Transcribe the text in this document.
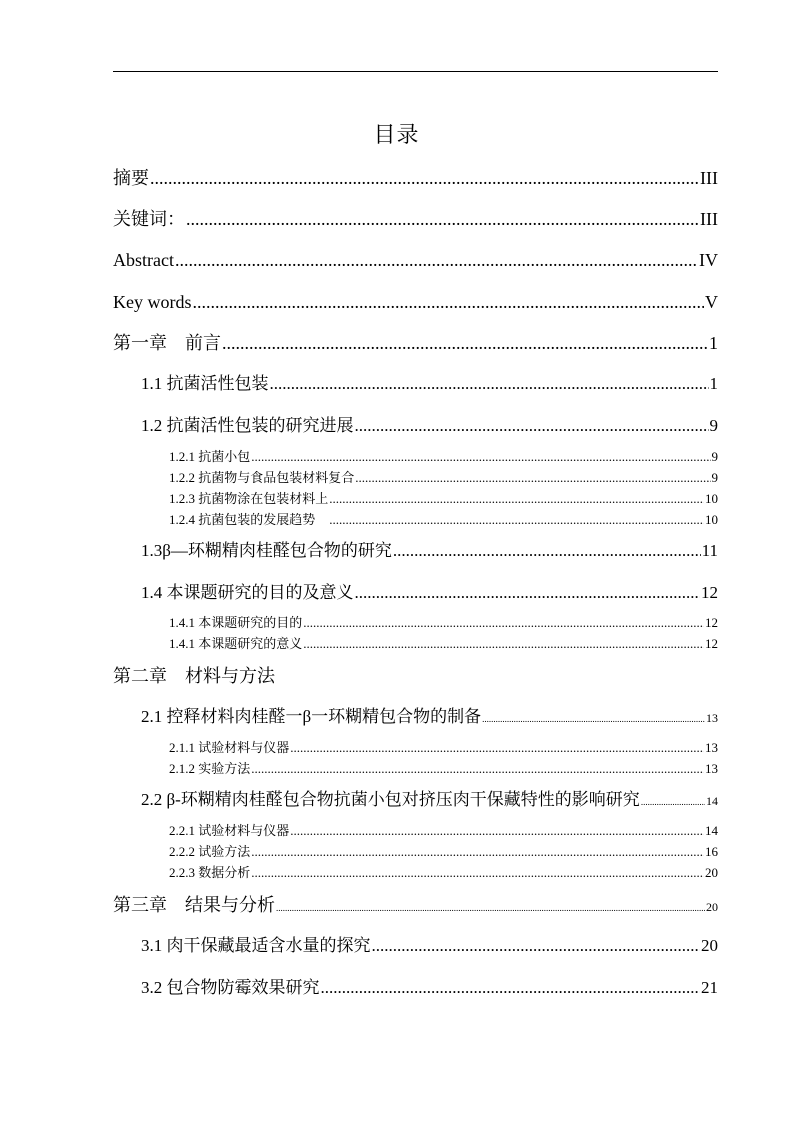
目录
摘要 .....	III
关键词： .....	III
Abstract .....	IV
Key words .....	V
第一章　前言 .....	1
1.1 抗菌活性包装 .....	1
1.2 抗菌活性包装的研究进展 .....	9
1.2.1 抗菌小包 .....	9
1.2.2 抗菌物与食品包装材料复合 .....	9
1.2.3 抗菌物涂在包装材料上 .....	10
1.2.4 抗菌包装的发展趋势　 .....	10
1.3β—环糊精肉桂醛包合物的研究 .....	11
1.4 本课题研究的目的及意义 .....	12
1.4.1 本课题研究的目的 .....	12
1.4.1 本课题研究的意义 .....	12
第二章　材料与方法
2.1 控释材料肉桂醛一β一环糊精包合物的制备 .....	13
2.1.1 试验材料与仪器 .....	13
2.1.2 实验方法 .....	13
2.2 β-环糊精肉桂醛包合物抗菌小包对挤压肉干保藏特性的影响研究 .....	14
2.2.1 试验材料与仪器 .....	14
2.2.2 试验方法 .....	16
2.2.3 数据分析 .....	20
第三章　结果与分析 .....	20
3.1 肉干保藏最适含水量的探究 .....	20
3.2 包合物防霉效果研究 .....	21
